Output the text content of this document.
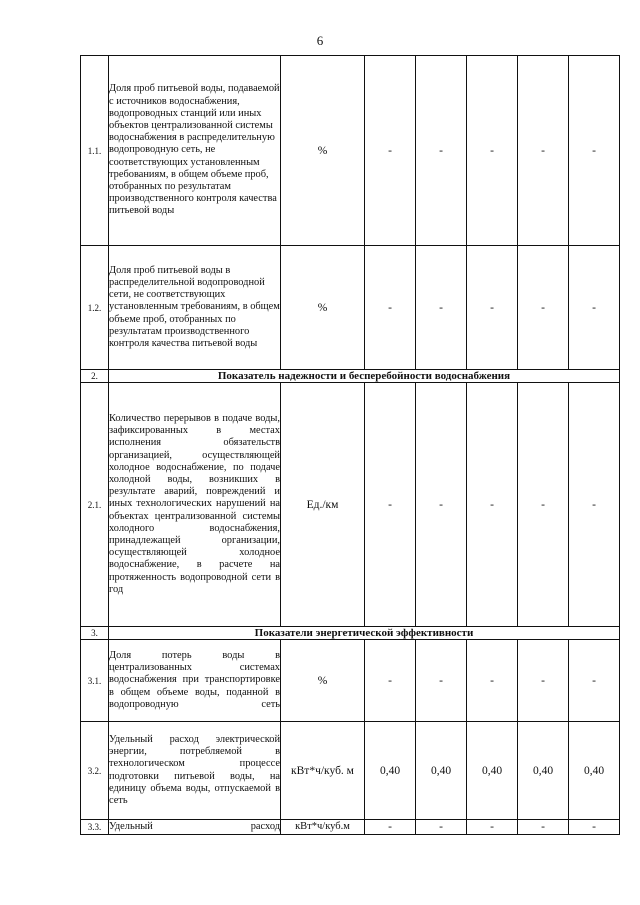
6
1.1.	Доля проб питьевой воды, подаваемой с источников водоснабжения, водопроводных станций или иных объектов централизованной системы водоснабжения в распределительную водопроводную сеть, не соответствующих установленным требованиям, в общем объеме проб, отобранных по результатам производственного контроля качества питьевой воды	%	-	-	-	-	-
1.2.	Доля проб питьевой воды в распределительной водопроводной сети, не соответствующих установленным требованиям, в общем объеме проб, отобранных по результатам производственного контроля качества питьевой воды	%	-	-	-	-	-
2.	Показатель надежности и бесперебойности водоснабжения						
2.1.	Количество перерывов в подаче воды, зафиксированных в местах исполнения обязательств организацией, осуществляющей холодное водоснабжение, по подаче холодной воды, возникших в результате аварий, повреждений и иных технологических нарушений на объектах централизованной системы холодного водоснабжения, принадлежащей организации, осуществляющей холодное водоснабжение, в расчете на протяженность водопроводной сети в год	Ед./км	-	-	-	-	-
3.	Показатели энергетической эффективности						
3.1.	Доля потерь воды в централизованных системах водоснабжения при транспортировке в общем объеме воды, поданной в водопроводную сеть	%	-	-	-	-	-
3.2.	Удельный расход электрической энергии, потребляемой в технологическом процессе подготовки питьевой воды, на единицу объема воды, отпускаемой в сеть	кВт*ч/куб. м	0,40	0,40	0,40	0,40	0,40
3.3.	Удельный расход	кВт*ч/куб.м	-	-	-	-	-
